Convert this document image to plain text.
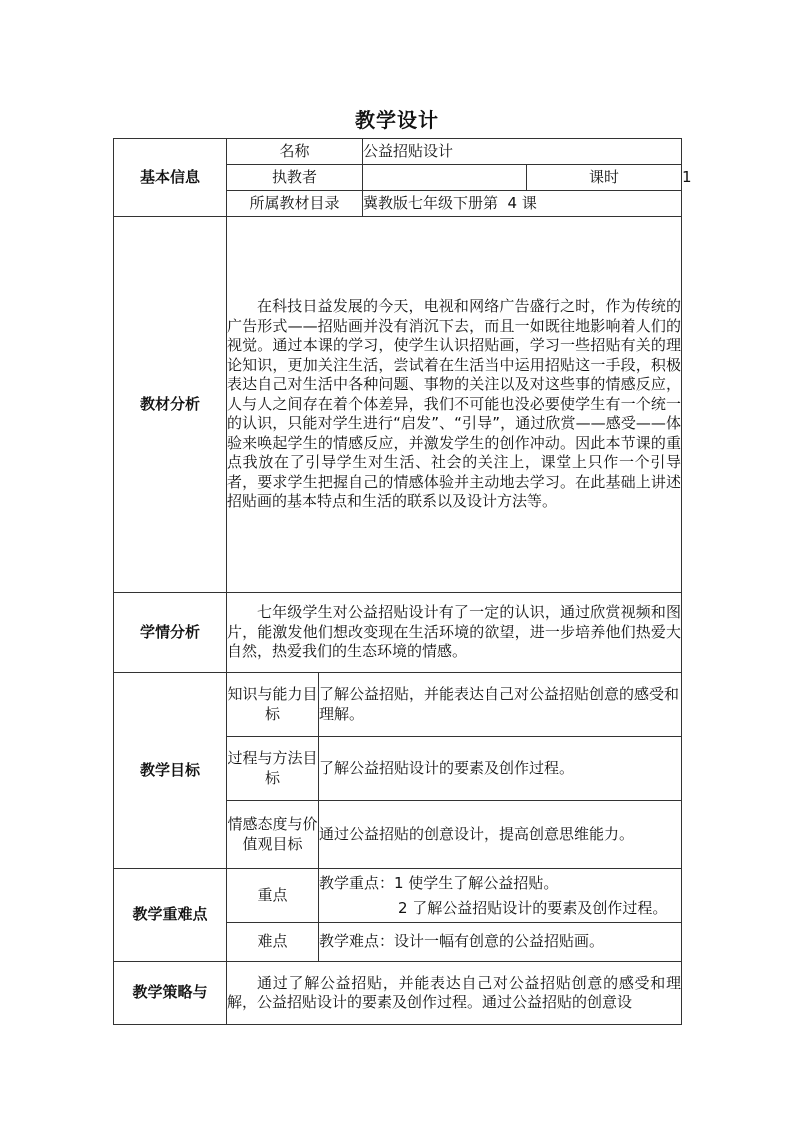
教学设计
基本信息	名称		公益招贴设计		
	执教者			课时	1
	所属教材目录		冀教版七年级下册第  4 课		
教材分析	在科技日益发展的今天，电视和网络广告盛行之时，作为传统的广告形式——招贴画并没有消沉下去，而且一如既往地影响着人们的视觉。通过本课的学习，使学生认识招贴画，学习一些招贴有关的理论知识，更加关注生活，尝试着在生活当中运用招贴这一手段，积极表达自己对生活中各种问题、事物的关注以及对这些事的情感反应，人与人之间存在着个体差异，我们不可能也没必要使学生有一个统一的认识，只能对学生进行“启发”、“引导”，通过欣赏——感受——体验来唤起学生的情感反应，并激发学生的创作冲动。因此本节课的重点我放在了引导学生对生活、社会的关注上，课堂上只作一个引导者，要求学生把握自己的情感体验并主动地去学习。在此基础上讲述招贴画的基本特点和生活的联系以及设计方法等。				
学情分析	七年级学生对公益招贴设计有了一定的认识，通过欣赏视频和图片，能激发他们想改变现在生活环境的欲望，进一步培养他们热爱大自然，热爱我们的生态环境的情感。				
教学目标	知识与能力目标	了解公益招贴，并能表达自己对公益招贴创意的感受和理解。			
	过程与方法目标	了解公益招贴设计的要素及创作过程。			
	情感态度与价值观目标	通过公益招贴的创意设计，提高创意思维能力。			
教学重难点	重点	教学重点：1 使学生了解公益招贴。
2 了解公益招贴设计的要素及创作过程。			

	难点	教学难点：设计一幅有创意的公益招贴画。			
教学策略与	通过了解公益招贴，并能表达自己对公益招贴创意的感受和理解，公益招贴设计的要素及创作过程。通过公益招贴的创意设				
